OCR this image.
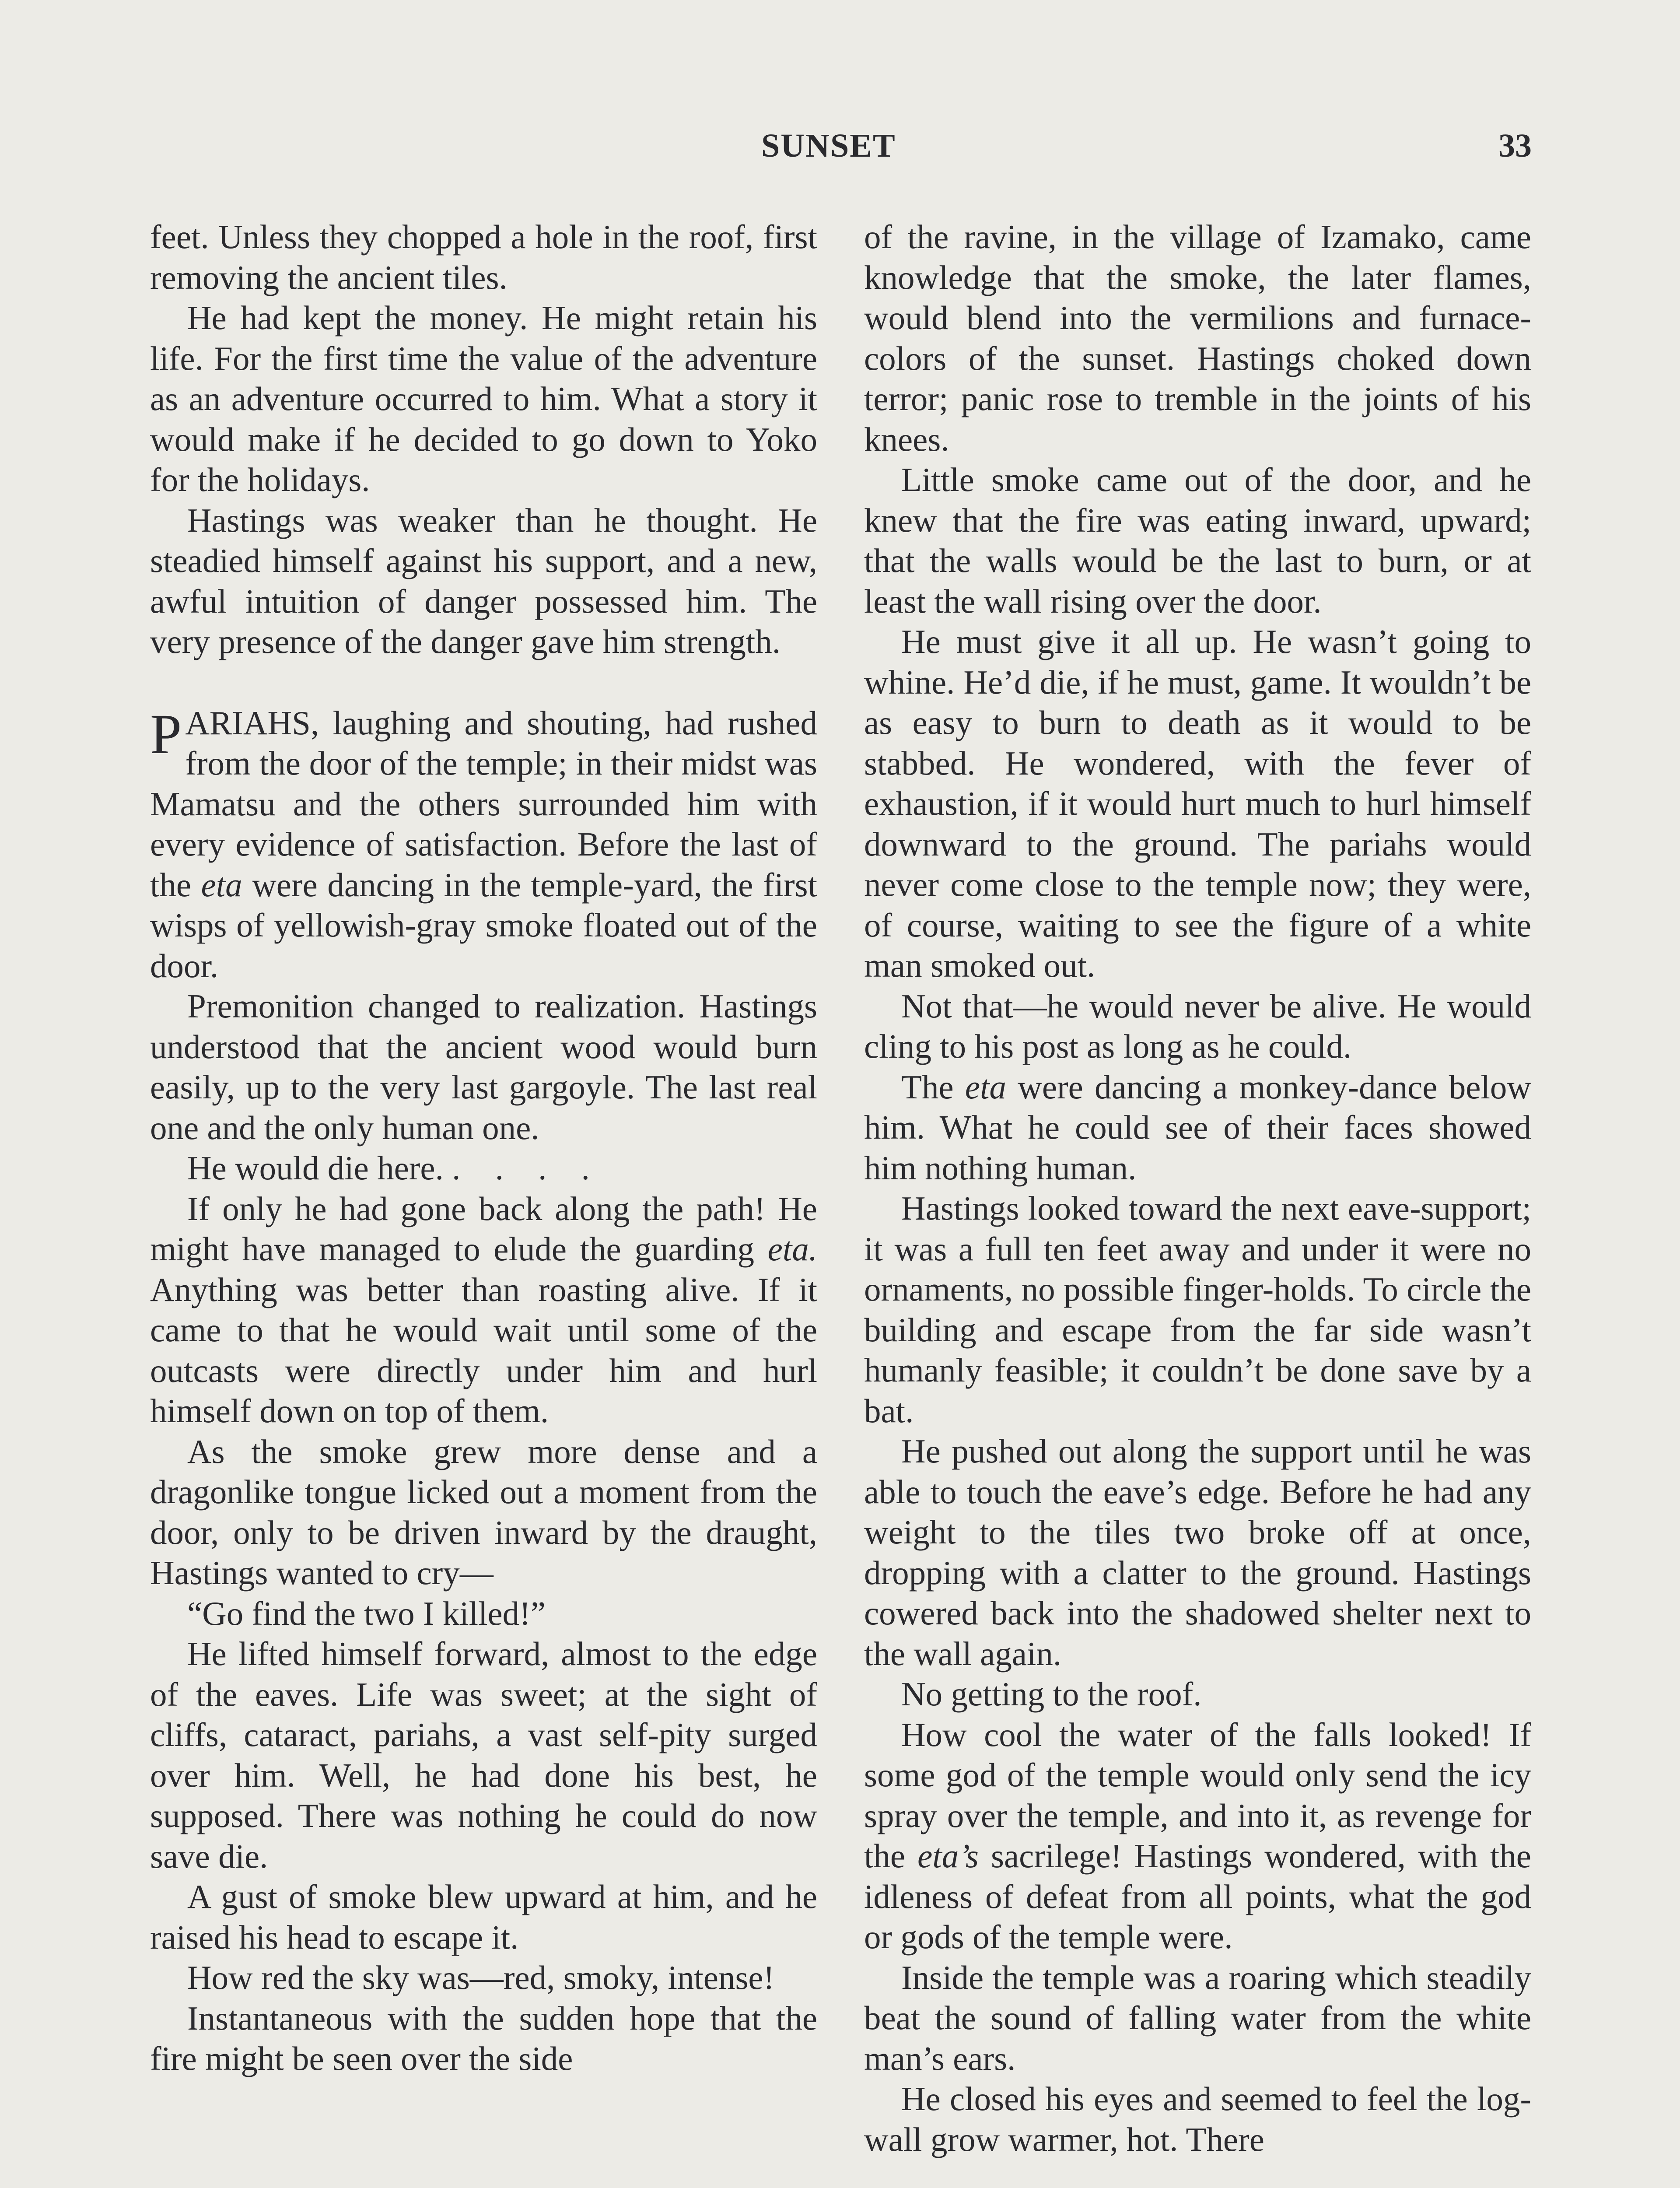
SUNSET	33

feet. Unless they chopped a hole in the roof, first removing the ancient tiles.

He had kept the money. He might retain his life. For the first time the value of the adventure as an adventure occurred to him. What a story it would make if he decided to go down to Yoko for the holidays.

Hastings was weaker than he thought. He steadied himself against his support, and a new, awful intuition of danger possessed him. The very presence of the danger gave him strength.

PARIAHS, laughing and shouting, had rushed from the door of the temple; in their midst was Mamatsu and the others surrounded him with every evidence of satisfaction. Before the last of the eta were dancing in the temple-yard, the first wisps of yellowish-gray smoke floated out of the door.

Premonition changed to realization. Hastings understood that the ancient wood would burn easily, up to the very last gargoyle. The last real one and the only human one.

He would die here. . . . .

If only he had gone back along the path! He might have managed to elude the guarding eta. Anything was better than roasting alive. If it came to that he would wait until some of the outcasts were directly under him and hurl himself down on top of them.

As the smoke grew more dense and a dragonlike tongue licked out a moment from the door, only to be driven inward by the draught, Hastings wanted to cry—

“Go find the two I killed!”

He lifted himself forward, almost to the edge of the eaves. Life was sweet; at the sight of cliffs, cataract, pariahs, a vast self-pity surged over him. Well, he had done his best, he supposed. There was nothing he could do now save die.

A gust of smoke blew upward at him, and he raised his head to escape it.

How red the sky was—red, smoky, intense!

Instantaneous with the sudden hope that the fire might be seen over the side

of the ravine, in the village of Izamako, came knowledge that the smoke, the later flames, would blend into the vermilions and furnace-colors of the sunset. Hastings choked down terror; panic rose to tremble in the joints of his knees.

Little smoke came out of the door, and he knew that the fire was eating inward, upward; that the walls would be the last to burn, or at least the wall rising over the door.

He must give it all up. He wasn’t going to whine. He’d die, if he must, game. It wouldn’t be as easy to burn to death as it would to be stabbed. He wondered, with the fever of exhaustion, if it would hurt much to hurl himself downward to the ground. The pariahs would never come close to the temple now; they were, of course, waiting to see the figure of a white man smoked out.

Not that—he would never be alive. He would cling to his post as long as he could.

The eta were dancing a monkey-dance below him. What he could see of their faces showed him nothing human.

Hastings looked toward the next eave-support; it was a full ten feet away and under it were no ornaments, no possible finger-holds. To circle the building and escape from the far side wasn’t humanly feasible; it couldn’t be done save by a bat.

He pushed out along the support until he was able to touch the eave’s edge. Before he had any weight to the tiles two broke off at once, dropping with a clatter to the ground. Hastings cowered back into the shadowed shelter next to the wall again.

No getting to the roof.

How cool the water of the falls looked! If some god of the temple would only send the icy spray over the temple, and into it, as revenge for the eta’s sacrilege! Hastings wondered, with the idleness of defeat from all points, what the god or gods of the temple were.

Inside the temple was a roaring which steadily beat the sound of falling water from the white man’s ears.

He closed his eyes and seemed to feel the log-wall grow warmer, hot. There
